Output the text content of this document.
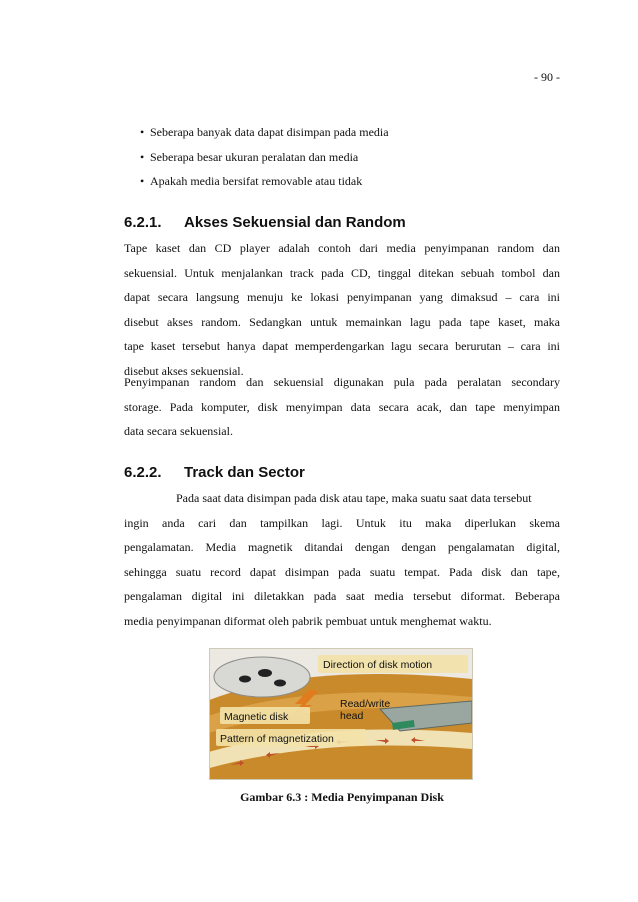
- 90 -
• Seberapa banyak data dapat disimpan pada media
• Seberapa besar ukuran peralatan dan media
• Apakah media bersifat removable atau tidak
6.2.1. Akses Sekuensial dan Random
Tape kaset dan CD player adalah contoh dari media penyimpanan random dan
sekuensial. Untuk menjalankan track pada CD, tinggal ditekan sebuah tombol dan
dapat secara langsung menuju ke lokasi penyimpanan yang dimaksud – cara ini
disebut akses random. Sedangkan untuk memainkan lagu pada tape kaset, maka
tape kaset tersebut hanya dapat memperdengarkan lagu secara berurutan – cara ini
disebut akses sekuensial.
Penyimpanan random dan sekuensial digunakan pula pada peralatan secondary
storage. Pada komputer, disk menyimpan data secara acak, dan tape menyimpan
data secara sekuensial.
6.2.2. Track dan Sector
Pada saat data disimpan pada disk atau tape, maka suatu saat data tersebut
ingin anda cari dan tampilkan lagi. Untuk itu maka diperlukan skema
pengalamatan. Media magnetik ditandai dengan dengan pengalamatan digital,
sehingga suatu record dapat disimpan pada suatu tempat. Pada disk dan tape,
pengalaman digital ini diletakkan pada saat media tersebut diformat. Beberapa
media penyimpanan diformat oleh pabrik pembuat untuk menghemat waktu.
Direction of disk motion
Magnetic disk
Read/write
head
Pattern of magnetization
Gambar 6.3 : Media Penyimpanan Disk
